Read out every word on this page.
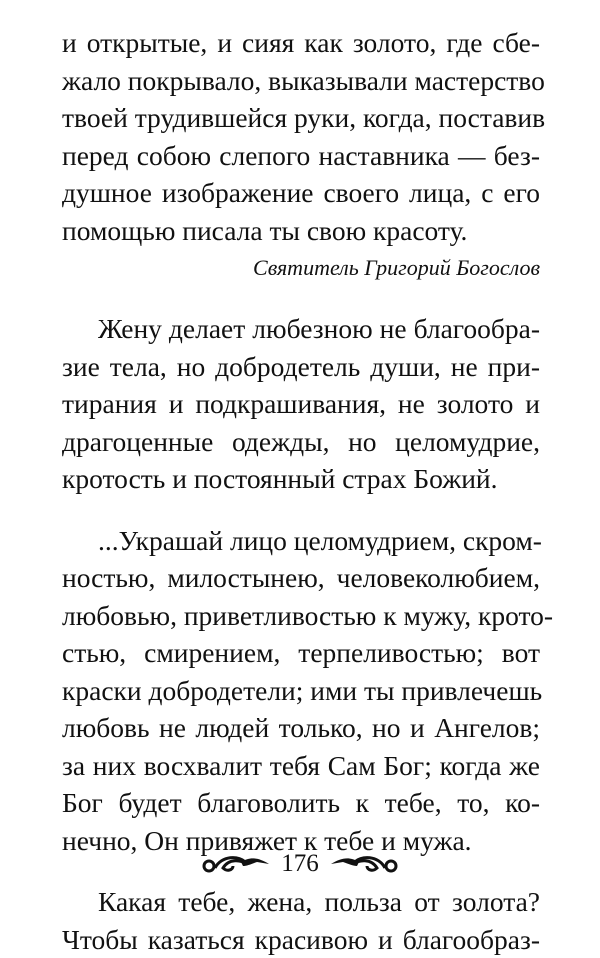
и открытые, и сияя как золото, где сбе-
жало покрывало, выказывали мастерство
твоей трудившейся руки, когда, поставив
перед собою слепого наставника — без-
душное изображение своего лица, с его
помощью писала ты свою красоту.
Святитель Григорий Богослов
Жену делает любезною не благообра-
зие тела, но добродетель души, не при-
тирания и подкрашивания, не золото и
драгоценные одежды, но целомудрие,
кротость и постоянный страх Божий.
...Украшай лицо целомудрием, скром-
ностью, милостынею, человеколюбием,
любовью, приветливостью к мужу, крото-
стью, смирением, терпеливостью; вот
краски добродетели; ими ты привлечешь
любовь не людей только, но и Ангелов;
за них восхвалит тебя Сам Бог; когда же
Бог будет благоволить к тебе, то, ко-
нечно, Он привяжет к тебе и мужа.
Какая тебе, жена, польза от золота?
Чтобы казаться красивою и благообраз-
176
